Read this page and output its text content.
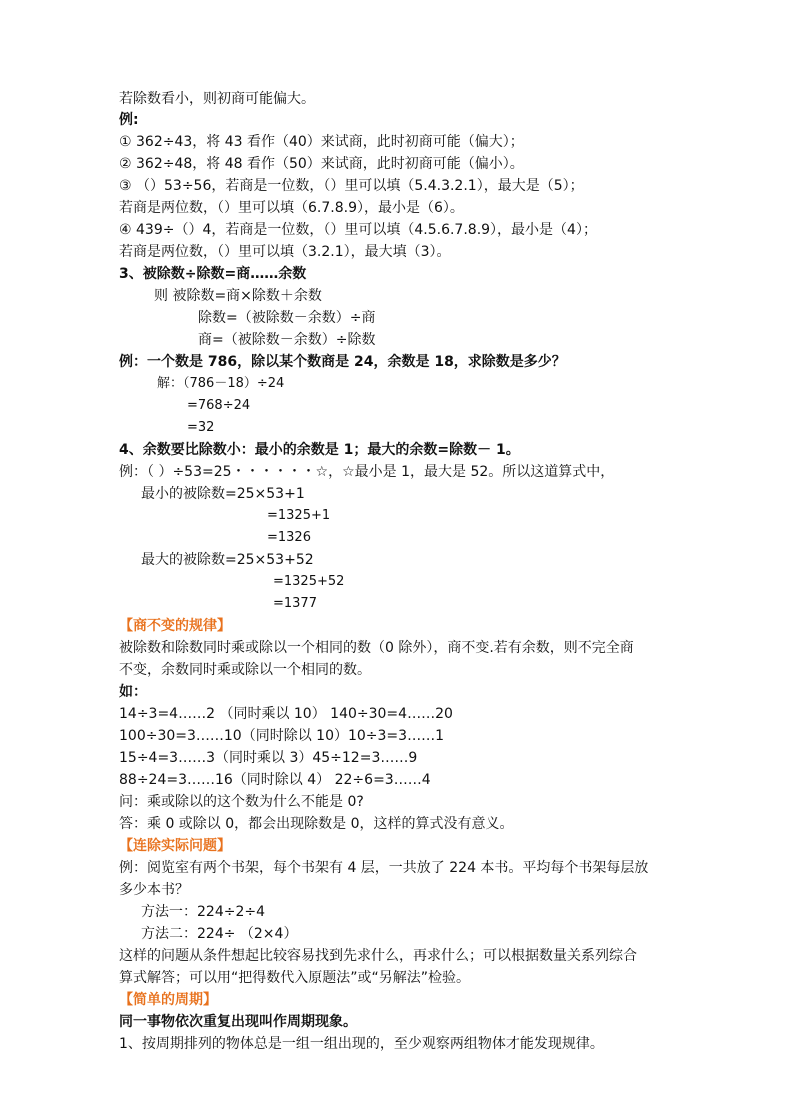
若除数看小，则初商可能偏大。
例:
① 362÷43，将 43 看作（40）来试商，此时初商可能（偏大）；
② 362÷48，将 48 看作（50）来试商，此时初商可能（偏小）。
③ （）53÷56，若商是一位数，（）里可以填（5.4.3.2.1），最大是（5）；
若商是两位数，（）里可以填（6.7.8.9），最小是（6）。
④ 439÷（）4，若商是一位数，（）里可以填（4.5.6.7.8.9），最小是（4）；
若商是两位数，（）里可以填（3.2.1），最大填（3）。
3、被除数÷除数=商……余数
则 被除数=商×除数＋余数
除数=（被除数－余数）÷商
商=（被除数－余数）÷除数
例：一个数是 786，除以某个数商是 24，余数是 18，求除数是多少？
解：（786－18）÷24
=768÷24
=32
4、余数要比除数小：最小的余数是 1；最大的余数=除数－ 1。
例：（ ）÷53=25・・・・・・☆，☆最小是 1，最大是 52。所以这道算式中，
最小的被除数=25×53+1
=1325+1
=1326
最大的被除数=25×53+52
=1325+52
=1377
【商不变的规律】
被除数和除数同时乘或除以一个相同的数（0 除外），商不变.若有余数，则不完全商
不变，余数同时乘或除以一个相同的数。
如：
14÷3=4……2 （同时乘以 10） 140÷30=4……20
100÷30=3……10（同时除以 10）10÷3=3……1
15÷4=3……3（同时乘以 3）45÷12=3……9
88÷24=3……16（同时除以 4） 22÷6=3……4
问：乘或除以的这个数为什么不能是 0?
答：乘 0 或除以 0，都会出现除数是 0，这样的算式没有意义。
【连除实际问题】
例：阅览室有两个书架，每个书架有 4 层，一共放了 224 本书。平均每个书架每层放
多少本书？
方法一：224÷2÷4
方法二：224÷ （2×4）
这样的问题从条件想起比较容易找到先求什么，再求什么；可以根据数量关系列综合
算式解答；可以用“把得数代入原题法”或“另解法”检验。
【简单的周期】
同一事物依次重复出现叫作周期现象。
1、按周期排列的物体总是一组一组出现的，至少观察两组物体才能发现规律。
